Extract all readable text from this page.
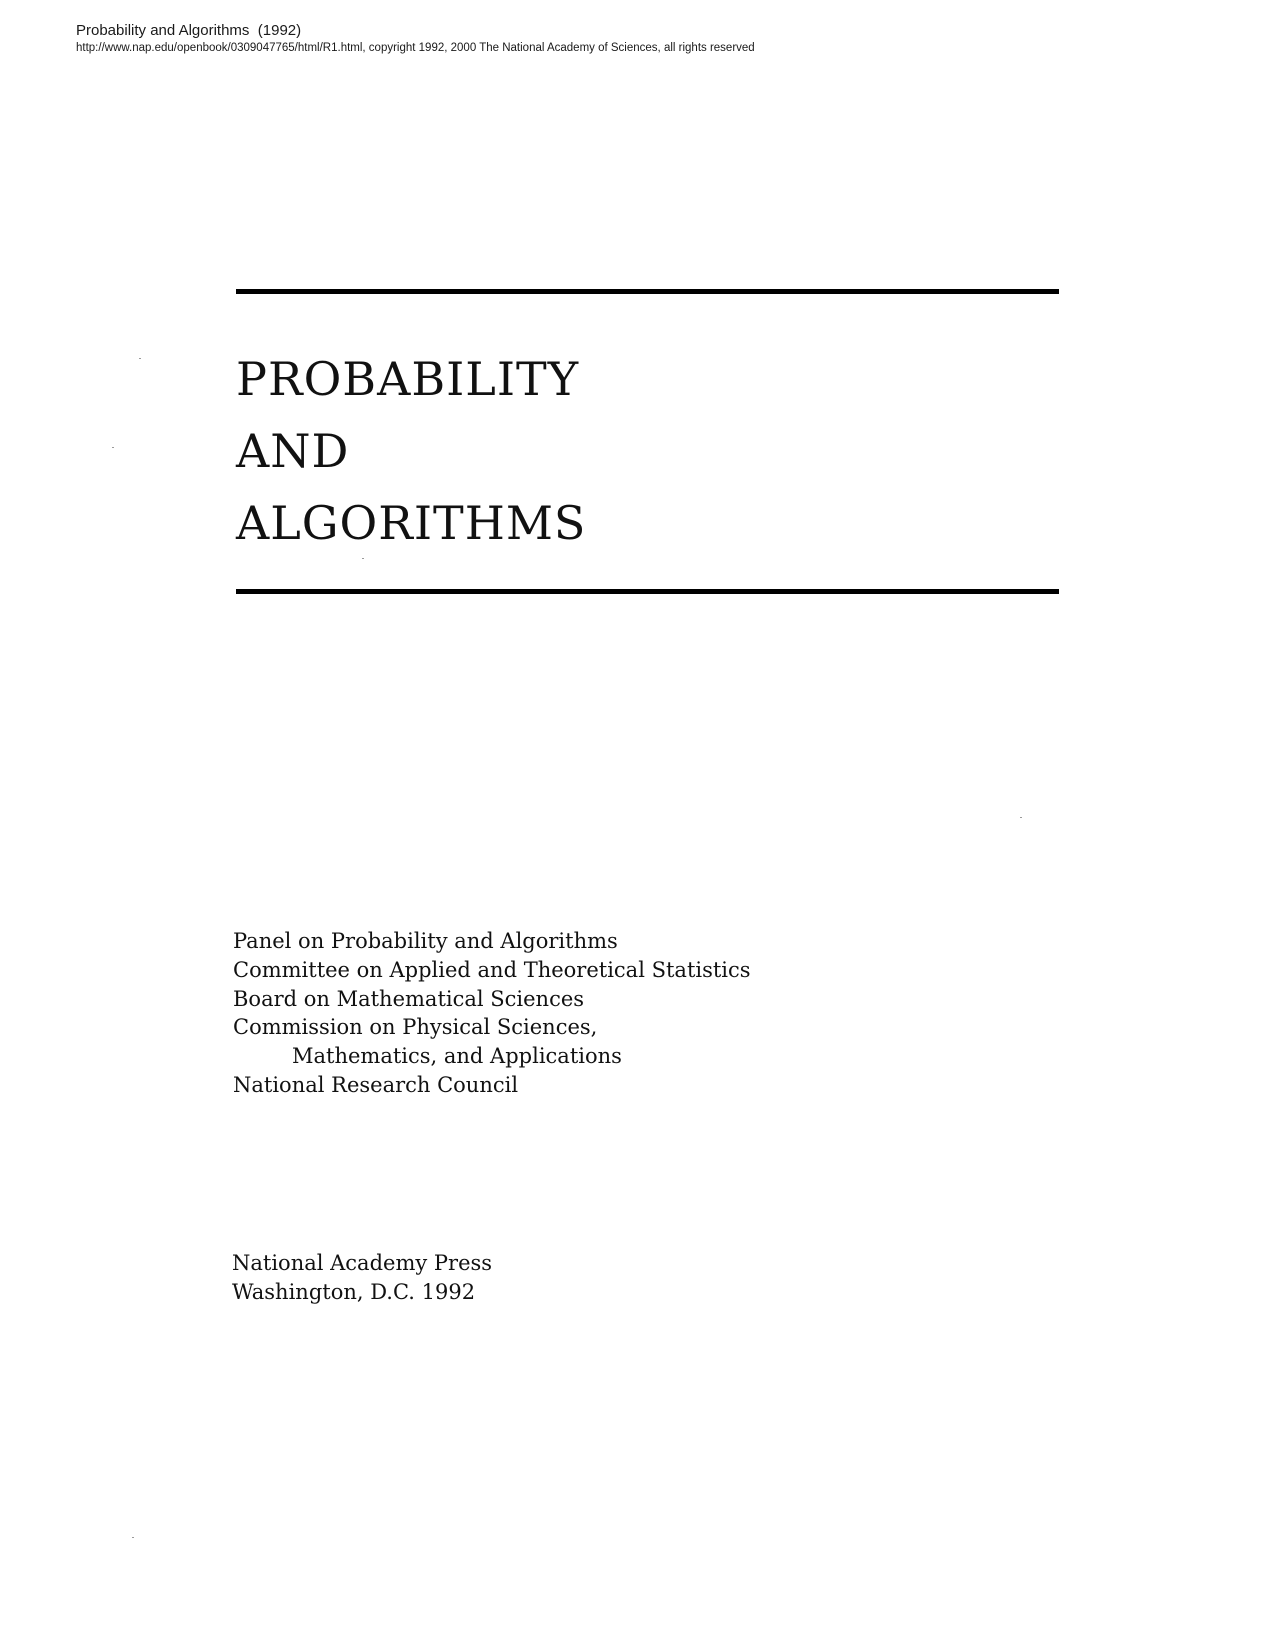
Probability and Algorithms  (1992)
http://www.nap.edu/openbook/0309047765/html/R1.html, copyright 1992, 2000 The National Academy of Sciences, all rights reserved
PROBABILITY
AND
ALGORITHMS
Panel on Probability and Algorithms
Committee on Applied and Theoretical Statistics
Board on Mathematical Sciences
Commission on Physical Sciences,
Mathematics, and Applications
National Research Council
National Academy Press
Washington, D.C. 1992
